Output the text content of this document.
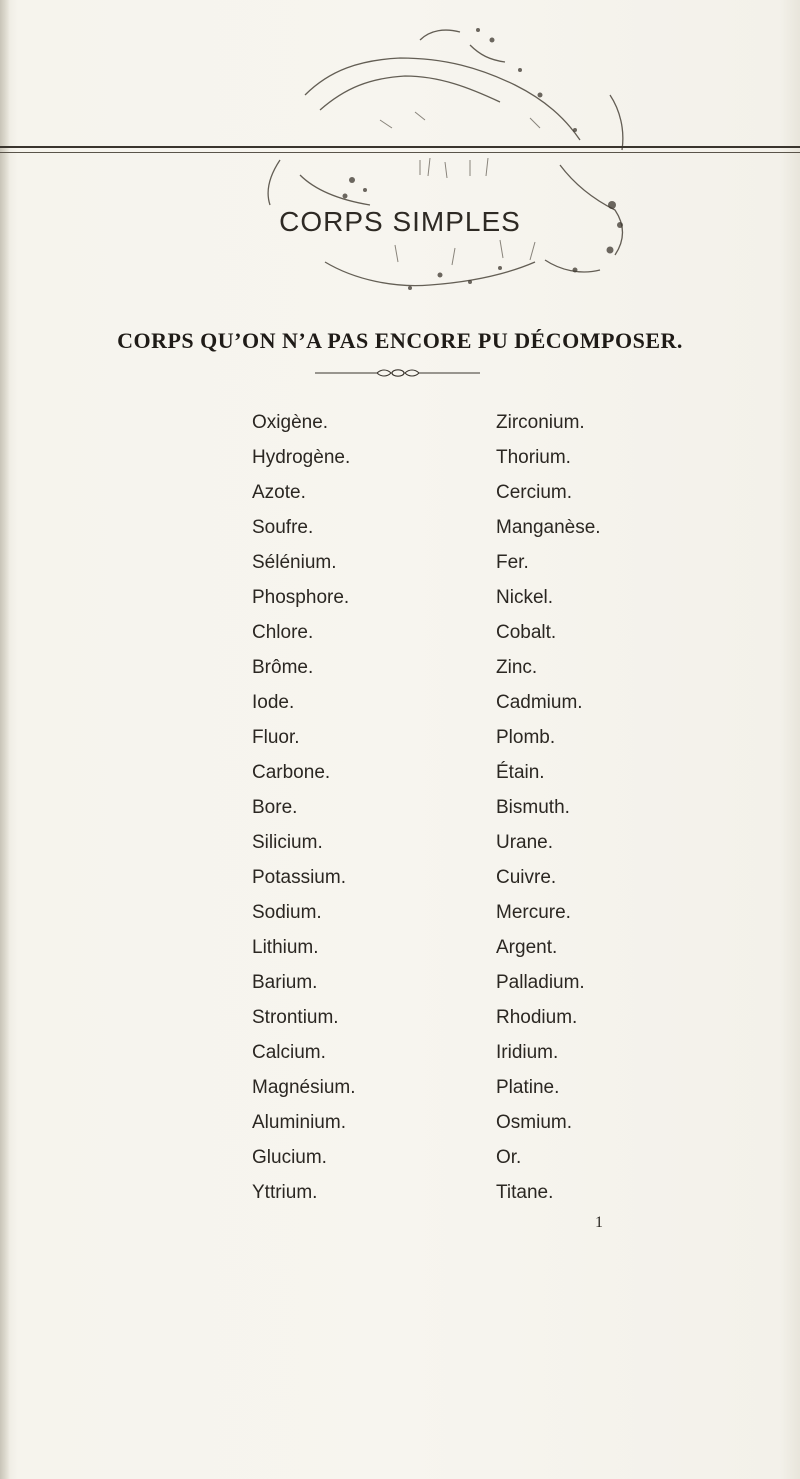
CORPS SIMPLES
CORPS QU’ON N’A PAS ENCORE PU DÉCOMPOSER.
Oxigène.
Hydrogène.
Azote.
Soufre.
Sélénium.
Phosphore.
Chlore.
Brôme.
Iode.
Fluor.
Carbone.
Bore.
Silicium.
Potassium.
Sodium.
Lithium.
Barium.
Strontium.
Calcium.
Magnésium.
Aluminium.
Glucium.
Yttrium.
Zirconium.
Thorium.
Cercium.
Manganèse.
Fer.
Nickel.
Cobalt.
Zinc.
Cadmium.
Plomb.
Étain.
Bismuth.
Urane.
Cuivre.
Mercure.
Argent.
Palladium.
Rhodium.
Iridium.
Platine.
Osmium.
Or.
Titane.
1
